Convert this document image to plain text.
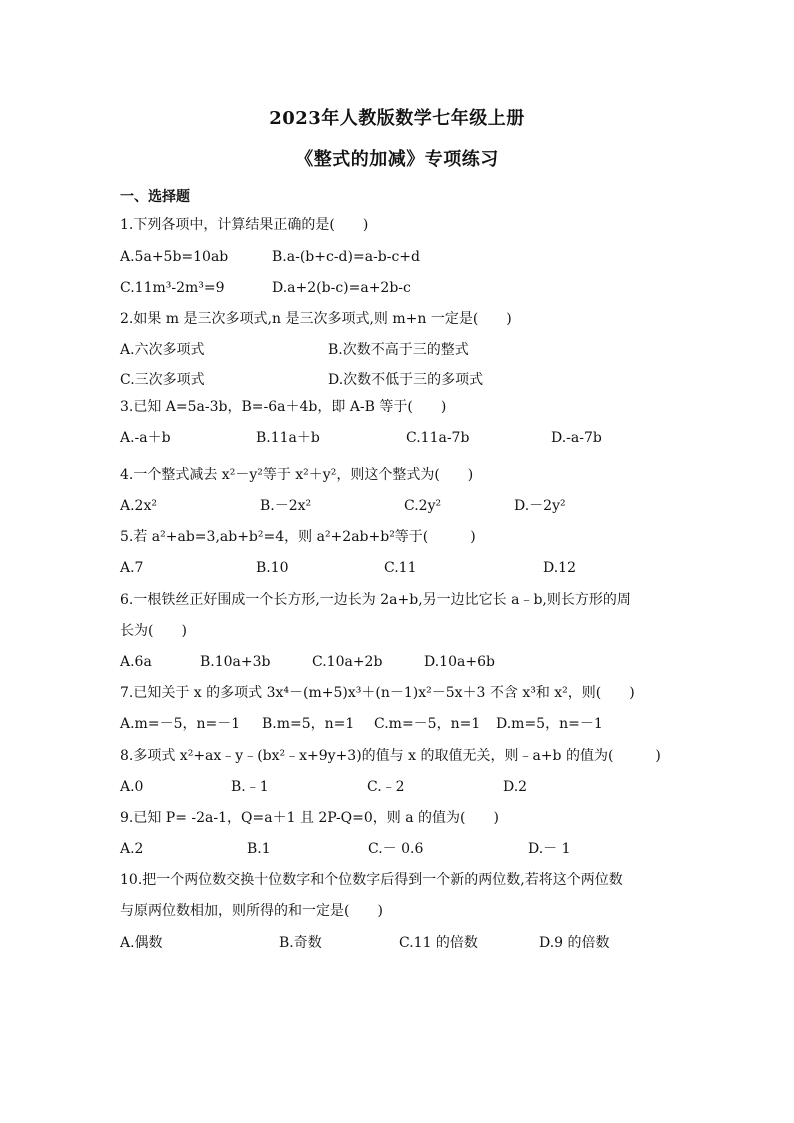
2023年人教版数学七年级上册
《整式的加减》专项练习
一、选择题
1.下列各项中，计算结果正确的是(　　)
A.5a+5b=10ab	B.a-(b+c-d)=a-b-c+d
C.11m³-2m³=9	D.a+2(b-c)=a+2b-c
2.如果 m 是三次多项式,n 是三次多项式,则 m+n 一定是(　　)
A.六次多项式	B.次数不高于三的整式
C.三次多项式	D.次数不低于三的多项式
3.已知 A=5a-3b，B=-6a＋4b，即 A-B 等于(　　)
A.-a＋b	B.11a＋b	C.11a-7b	D.-a-7b
4.一个整式减去 x²－y²等于 x²＋y²，则这个整式为(　　)
A.2x²	B.－2x²	C.2y²	D.－2y²
5.若 a²+ab=3,ab+b²=4，则 a²+2ab+b²等于(　　　)
A.7	B.10	C.11	D.12
6.一根铁丝正好围成一个长方形,一边长为 2a+b,另一边比它长 a﹣b,则长方形的周
长为(　　)
A.6a	B.10a+3b	C.10a+2b	D.10a+6b
7.已知关于 x 的多项式 3x⁴－(m+5)x³＋(n－1)x²－5x＋3 不含 x³和 x²，则(　　)
A.m=－5，n=－1 B.m=5，n=1 C.m=－5，n=1 D.m=5，n=－1
8.多项式 x²+ax﹣y﹣(bx²﹣x+9y+3)的值与 x 的取值无关，则﹣a+b 的值为(　　　)
A.0	B.﹣1	C.﹣2	D.2
9.已知 P= -2a-1，Q=a＋1 且 2P-Q=0，则 a 的值为(　　)
A.2	B.1	C.－ 0.6	D.－ 1
10.把一个两位数交换十位数字和个位数字后得到一个新的两位数,若将这个两位数
与原两位数相加，则所得的和一定是(　　)
A.偶数	B.奇数	C.11 的倍数	D.9 的倍数
